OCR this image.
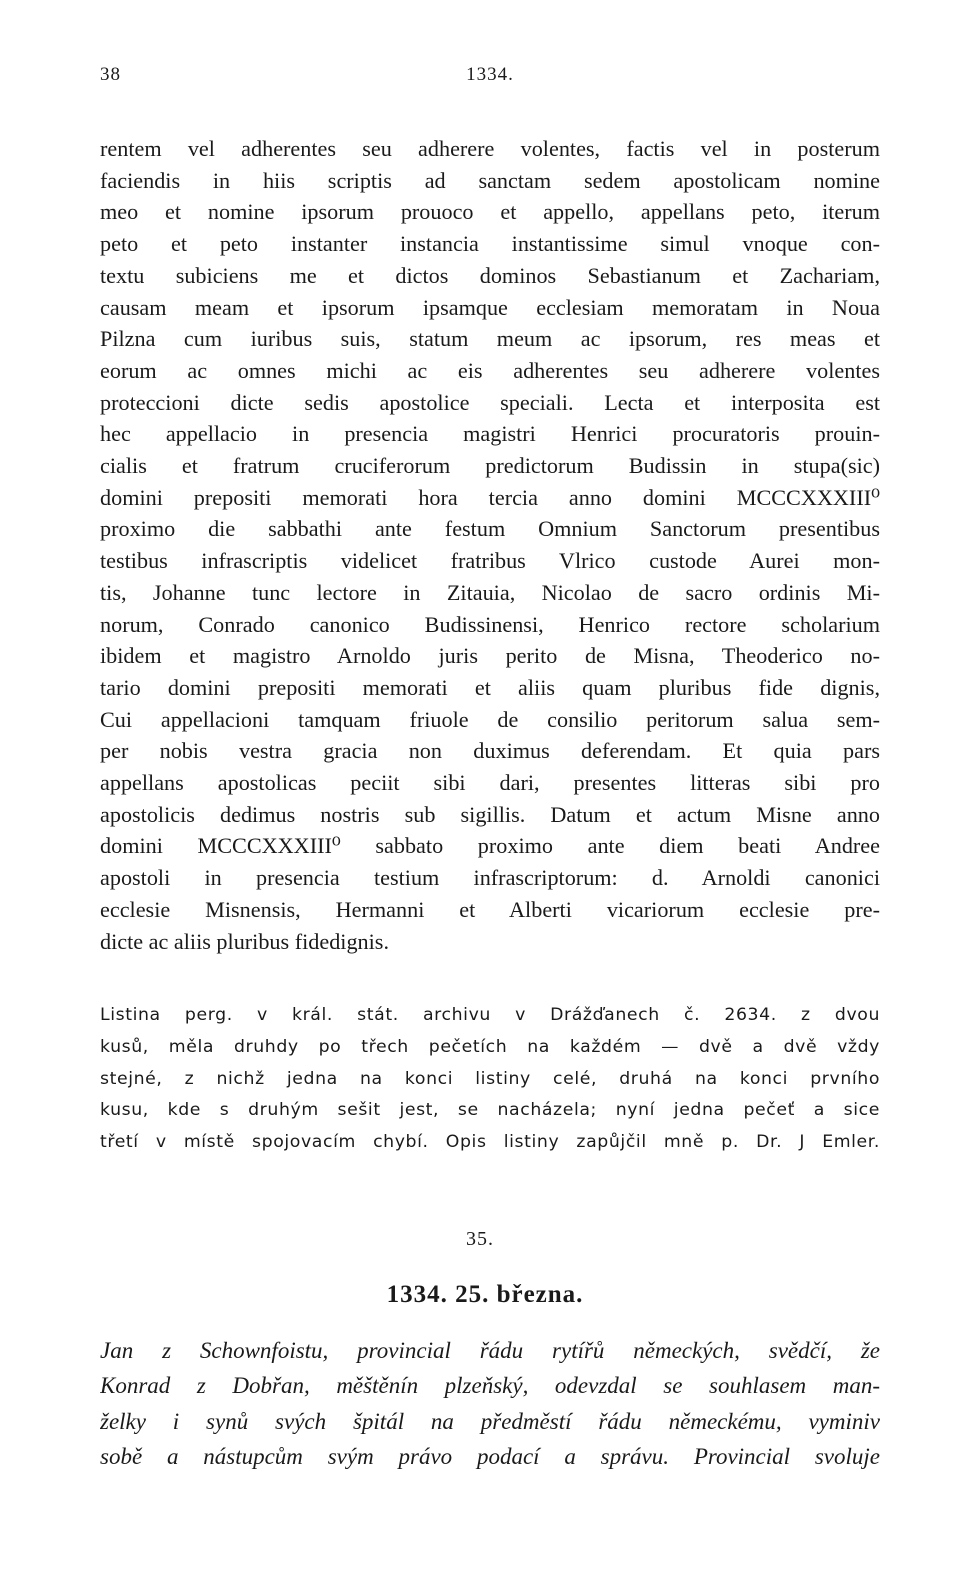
38	1334.
rentem vel adherentes seu adherere volentes, factis vel in posterum
faciendis in hiis scriptis ad sanctam sedem apostolicam nomine
meo et nomine ipsorum prouoco et appello, appellans peto, iterum
peto et peto instanter instancia instantissime simul vnoque con-
textu subiciens me et dictos dominos Sebastianum et Zachariam,
causam meam et ipsorum ipsamque ecclesiam memoratam in Noua
Pilzna cum iuribus suis, statum meum ac ipsorum, res meas et
eorum ac omnes michi ac eis adherentes seu adherere volentes
proteccioni dicte sedis apostolice speciali. Lecta et interposita est
hec appellacio in presencia magistri Henrici procuratoris prouin-
cialis et fratrum cruciferorum predictorum Budissin in stupa(sic)
domini prepositi memorati hora tercia anno domini MCCCXXXIII⁰
proximo die sabbathi ante festum Omnium Sanctorum presentibus
testibus infrascriptis videlicet fratribus Vlrico custode Aurei mon-
tis, Johanne tunc lectore in Zitauia, Nicolao de sacro ordinis Mi-
norum, Conrado canonico Budissinensi, Henrico rectore scholarium
ibidem et magistro Arnoldo juris perito de Misna, Theoderico no-
tario domini prepositi memorati et aliis quam pluribus fide dignis,
Cui appellacioni tamquam friuole de consilio peritorum salua sem-
per nobis vestra gracia non duximus deferendam. Et quia pars
appellans apostolicas peciit sibi dari, presentes litteras sibi pro
apostolicis dedimus nostris sub sigillis. Datum et actum Misne anno
domini MCCCXXXIII⁰ sabbato proximo ante diem beati Andree
apostoli in presencia testium infrascriptorum: d. Arnoldi canonici
ecclesie Misnensis, Hermanni et Alberti vicariorum ecclesie pre-
dicte ac aliis pluribus fidedignis.
Listina perg. v král. stát. archivu v Drážďanech č. 2634. z dvou
kusů, měla druhdy po třech pečetích na každém — dvě a dvě vždy
stejné, z nichž jedna na konci listiny celé, druhá na konci prvního
kusu, kde s druhým sešit jest, se nacházela; nyní jedna pečeť a sice
třetí v místě spojovacím chybí. Opis listiny zapůjčil mně p. Dr. J Emler.
35.
1334. 25. března.
Jan z Schownfoistu, provincial řádu rytířů německých, svědčí, že
Konrad z Dobřan, měštěnín plzeňský, odevzdal se souhlasem man-
želky i synů svých špitál na předměstí řádu německému, vyminiv
sobě a nástupcům svým právo podací a správu. Provincial svoluje
